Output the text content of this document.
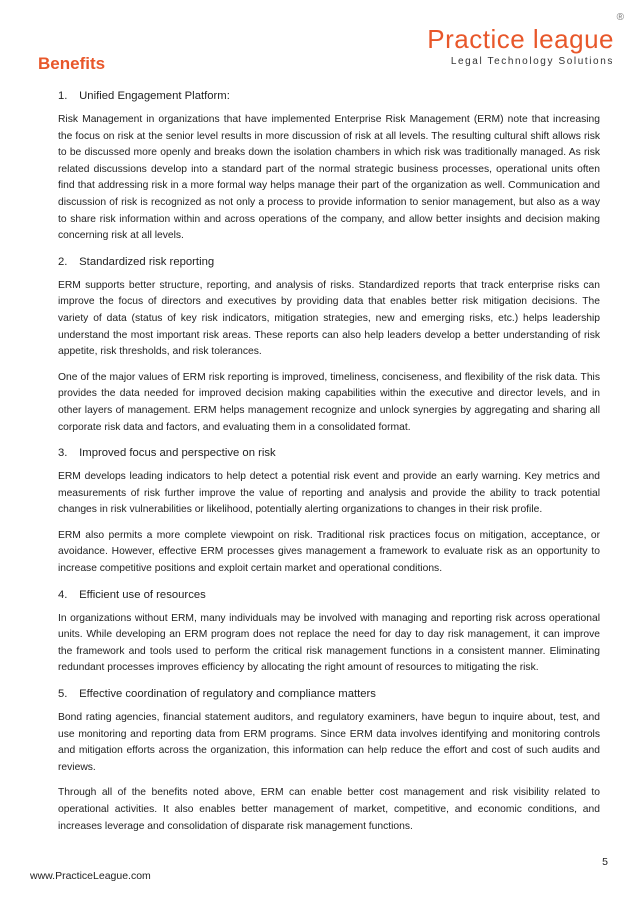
®
Practice league
Legal Technology Solutions
Benefits
1. Unified Engagement Platform:

Risk Management in organizations that have implemented Enterprise Risk Management (ERM) note that increasing the focus on risk at the senior level results in more discussion of risk at all levels. The resulting cultural shift allows risk to be discussed more openly and breaks down the isolation chambers in which risk was traditionally managed. As risk related discussions develop into a standard part of the normal strategic business processes, operational units often find that addressing risk in a more formal way helps manage their part of the organization as well. Communication and discussion of risk is recognized as not only a process to provide information to senior management, but also as a way to share risk information within and across operations of the company, and allow better insights and decision making concerning risk at all levels.

2. Standardized risk reporting

ERM supports better structure, reporting, and analysis of risks. Standardized reports that track enterprise risks can improve the focus of directors and executives by providing data that enables better risk mitigation decisions. The variety of data (status of key risk indicators, mitigation strategies, new and emerging risks, etc.) helps leadership understand the most important risk areas. These reports can also help leaders develop a better understanding of risk appetite, risk thresholds, and risk tolerances.

One of the major values of ERM risk reporting is improved, timeliness, conciseness, and flexibility of the risk data. This provides the data needed for improved decision making capabilities within the executive and director levels, and in other layers of management. ERM helps management recognize and unlock synergies by aggregating and sharing all corporate risk data and factors, and evaluating them in a consolidated format.

3. Improved focus and perspective on risk

ERM develops leading indicators to help detect a potential risk event and provide an early warning. Key metrics and measurements of risk further improve the value of reporting and analysis and provide the ability to track potential changes in risk vulnerabilities or likelihood, potentially alerting organizations to changes in their risk profile.

ERM also permits a more complete viewpoint on risk. Traditional risk practices focus on mitigation, acceptance, or avoidance. However, effective ERM processes gives management a framework to evaluate risk as an opportunity to increase competitive positions and exploit certain market and operational conditions.

4. Efficient use of resources

In organizations without ERM, many individuals may be involved with managing and reporting risk across operational units. While developing an ERM program does not replace the need for day to day risk management, it can improve the framework and tools used to perform the critical risk management functions in a consistent manner. Eliminating redundant processes improves efficiency by allocating the right amount of resources to mitigating the risk.

5. Effective coordination of regulatory and compliance matters

Bond rating agencies, financial statement auditors, and regulatory examiners, have begun to inquire about, test, and use monitoring and reporting data from ERM programs. Since ERM data involves identifying and monitoring controls and mitigation efforts across the organization, this information can help reduce the effort and cost of such audits and reviews.

Through all of the benefits noted above, ERM can enable better cost management and risk visibility related to operational activities. It also enables better management of market, competitive, and economic conditions, and increases leverage and consolidation of disparate risk management functions.

5
www.PracticeLeague.com
